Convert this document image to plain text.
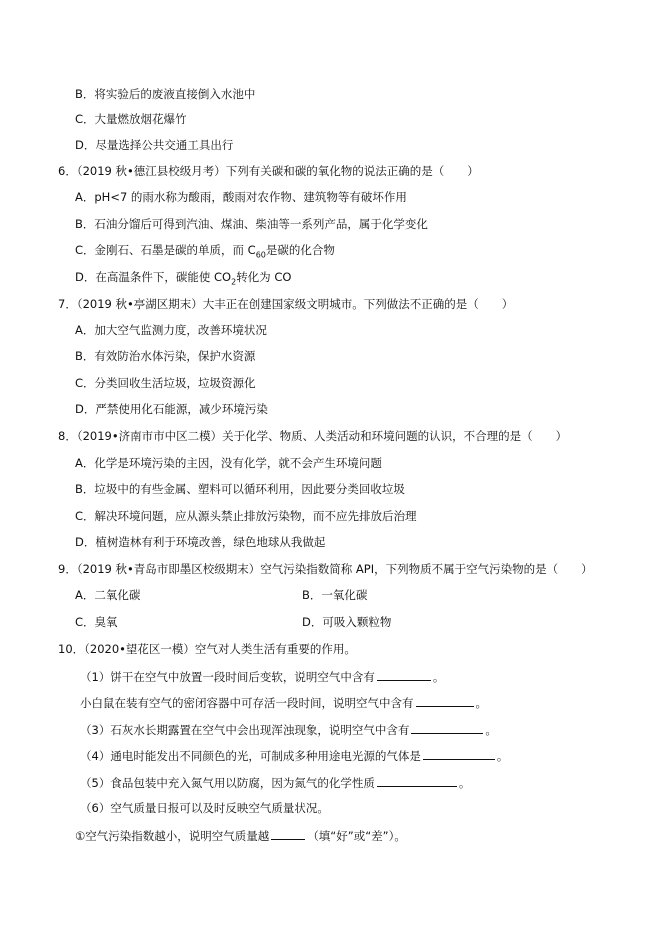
B．将实验后的废液直接倒入水池中
C．大量燃放烟花爆竹
D．尽量选择公共交通工具出行
6．（2019 秋•德江县校级月考）下列有关碳和碳的氧化物的说法正确的是（　　）
A．pH<7 的雨水称为酸雨，酸雨对农作物、建筑物等有破坏作用
B．石油分馏后可得到汽油、煤油、柴油等一系列产品，属于化学变化
C．金刚石、石墨是碳的单质，而 $C_{60}$是碳的化合物
D．在高温条件下，碳能使 $CO_2$转化为 CO
7．（2019 秋•亭湖区期末）大丰正在创建国家级文明城市。下列做法不正确的是（　　）
A．加大空气监测力度，改善环境状况
B．有效防治水体污染，保护水资源
C．分类回收生活垃圾，垃圾资源化
D．严禁使用化石能源，减少环境污染
8．（2019•济南市市中区二模）关于化学、物质、人类活动和环境问题的认识，不合理的是（　　）
A．化学是环境污染的主因，没有化学，就不会产生环境问题
B．垃圾中的有些金属、塑料可以循环利用，因此要分类回收垃圾
C．解决环境问题，应从源头禁止排放污染物，而不应先排放后治理
D．植树造林有利于环境改善，绿色地球从我做起
9．（2019 秋•青岛市即墨区校级期末）空气污染指数简称 API，下列物质不属于空气污染物的是（　　）
A．二氧化碳	B．一氧化碳
C．臭氧	D．可吸入颗粒物
10．（2020•望花区一模）空气对人类生活有重要的作用。
（1）饼干在空气中放置一段时间后变软，说明空气中含有	。
小白鼠在装有空气的密闭容器中可存活一段时间，说明空气中含有	。
（3）石灰水长期露置在空气中会出现浑浊现象，说明空气中含有	。
（4）通电时能发出不同颜色的光，可制成多种用途电光源的气体是	。
（5）食品包装中充入氮气用以防腐，因为氮气的化学性质	。
（6）空气质量日报可以及时反映空气质量状况。
①空气污染指数越小，说明空气质量越	（填“好”或“差”）。
